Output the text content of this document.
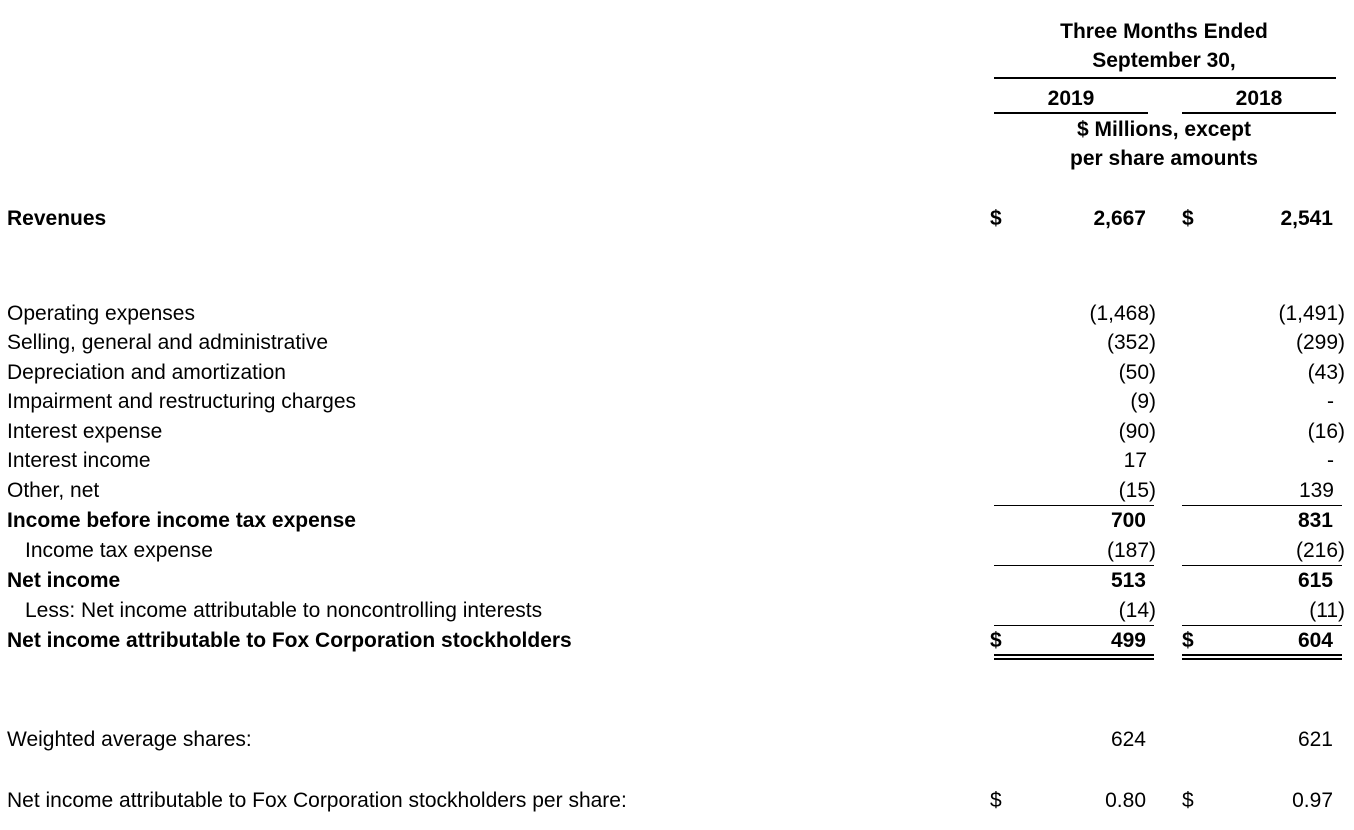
Three Months Ended
September 30,
2019	2018
$ Millions, except
per share amounts
Revenues	$	2,667 $	2,541
Operating expenses	(1,468)	(1,491)
Selling, general and administrative	(352)	(299)
Depreciation and amortization	(50)	(43)
Impairment and restructuring charges	(9)	-
Interest expense	(90)	(16)
Interest income	17	-
Other, net	(15)	139
Income before income tax expense	700	831
Income tax expense	(187)	(216)
Net income	513	615
Less: Net income attributable to noncontrolling interests	(14)	(11)
Net income attributable to Fox Corporation stockholders	$	499 $	604
Weighted average shares:	624	621
Net income attributable to Fox Corporation stockholders per share:	$	0.80 $	0.97
